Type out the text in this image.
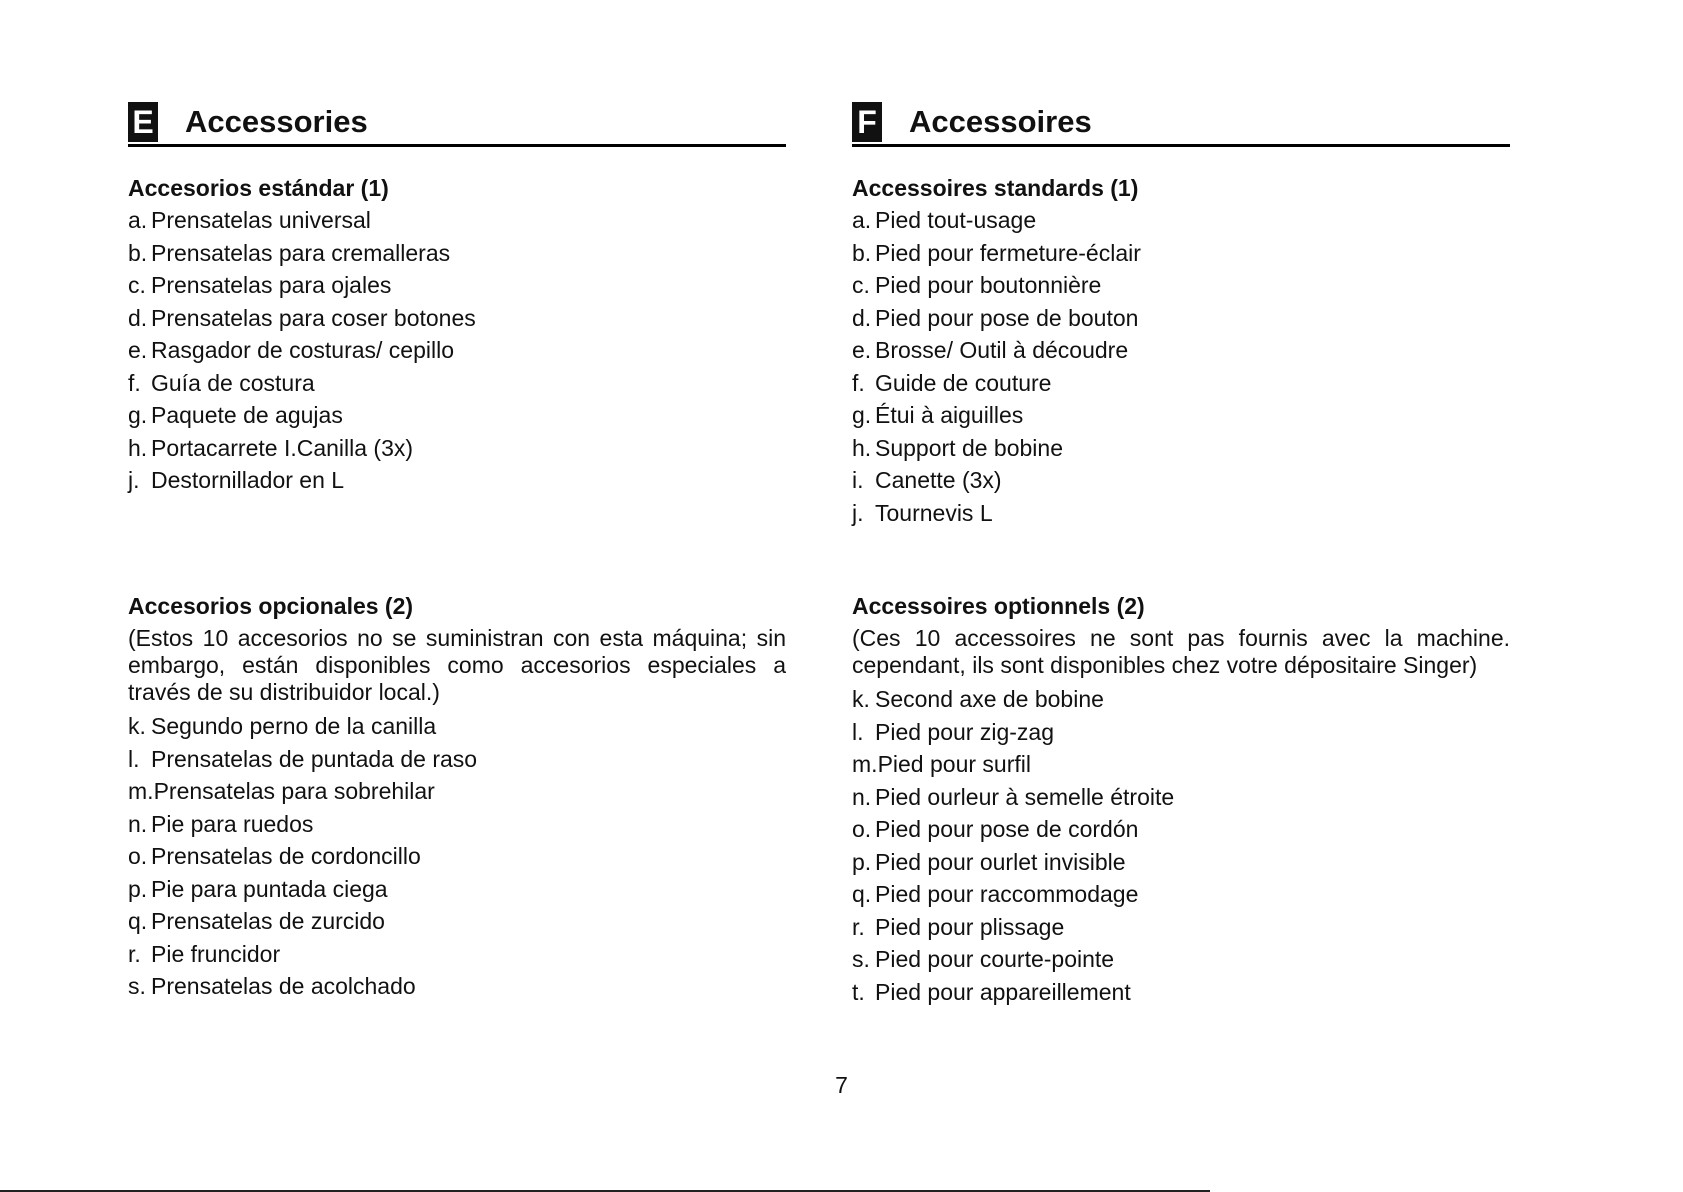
E Accessories

Accesorios estándar (1)

a. Prensatelas universal
b. Prensatelas para cremalleras
c. Prensatelas para ojales
d. Prensatelas para coser botones
e. Rasgador de costuras/ cepillo
f. Guía de costura
g. Paquete de agujas
h. Portacarrete I.Canilla (3x)
j. Destornillador en L

Accesorios opcionales (2)

(Estos 10 accesorios no se suministran con esta máquina; sin embargo, están disponibles como accesorios especiales a través de su distribuidor local.)

k. Segundo perno de la canilla
l. Prensatelas de puntada de raso
m. Prensatelas para sobrehilar
n. Pie para ruedos
o. Prensatelas de cordoncillo
p. Pie para puntada ciega
q. Prensatelas de zurcido
r. Pie fruncidor
s. Prensatelas de acolchado
F Accessoires

Accessoires standards (1)

a. Pied tout-usage
b. Pied pour fermeture-éclair
c. Pied pour boutonnière
d. Pied pour pose de bouton
e. Brosse/ Outil à découdre
f. Guide de couture
g. Étui à aiguilles
h. Support de bobine
i. Canette (3x)
j. Tournevis L

Accessoires optionnels (2)

(Ces 10 accessoires ne sont pas fournis avec la machine. cependant, ils sont disponibles chez votre dépositaire Singer)

k. Second axe de bobine
l. Pied pour zig-zag
m. Pied pour surfil
n. Pied ourleur à semelle étroite
o. Pied pour pose de cordón
p. Pied pour ourlet invisible
q. Pied pour raccommodage
r. Pied pour plissage
s. Pied pour courte-pointe
t. Pied pour appareillement
7
